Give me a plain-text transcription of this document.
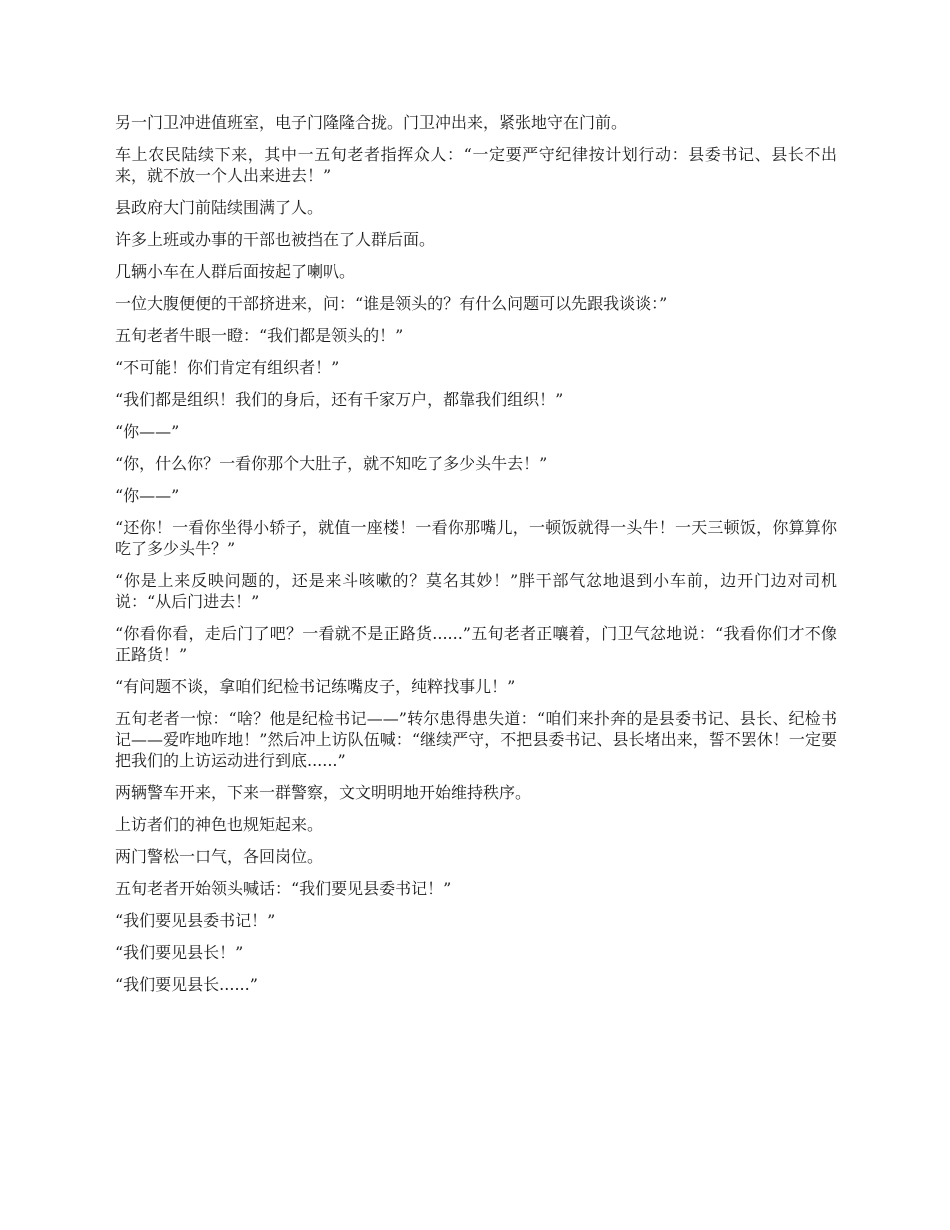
另一门卫冲进值班室，电子门隆隆合拢。门卫冲出来，紧张地守在门前。

车上农民陆续下来，其中一五旬老者指挥众人：“一定要严守纪律按计划行动：县委书记、县长不出来，就不放一个人出来进去！”

县政府大门前陆续围满了人。

许多上班或办事的干部也被挡在了人群后面。

几辆小车在人群后面按起了喇叭。

一位大腹便便的干部挤进来，问：“谁是领头的？有什么问题可以先跟我谈谈：”

五旬老者牛眼一瞪：“我们都是领头的！”

“不可能！你们肯定有组织者！”

“我们都是组织！我们的身后，还有千家万户，都靠我们组织！”

“你——”

“你，什么你？一看你那个大肚子，就不知吃了多少头牛去！”

“你——”

“还你！一看你坐得小轿子，就值一座楼！一看你那嘴儿，一顿饭就得一头牛！一天三顿饭，你算算你吃了多少头牛？”

“你是上来反映问题的，还是来斗咳嗽的？莫名其妙！”胖干部气忿地退到小车前，边开门边对司机说：“从后门进去！”

“你看你看，走后门了吧？一看就不是正路货......”五旬老者正嚷着，门卫气忿地说：“我看你们才不像正路货！”

“有问题不谈，拿咱们纪检书记练嘴皮子，纯粹找事儿！”

五旬老者一惊：“啥？他是纪检书记——”转尔患得患失道：“咱们来扑奔的是县委书记、县长、纪检书记——爱咋地咋地！”然后冲上访队伍喊：“继续严守，不把县委书记、县长堵出来，誓不罢休！一定要把我们的上访运动进行到底......”

两辆警车开来，下来一群警察，文文明明地开始维持秩序。

上访者们的神色也规矩起来。

两门警松一口气，各回岗位。

五旬老者开始领头喊话：“我们要见县委书记！”

“我们要见县委书记！”

“我们要见县长！”

“我们要见县长......”
